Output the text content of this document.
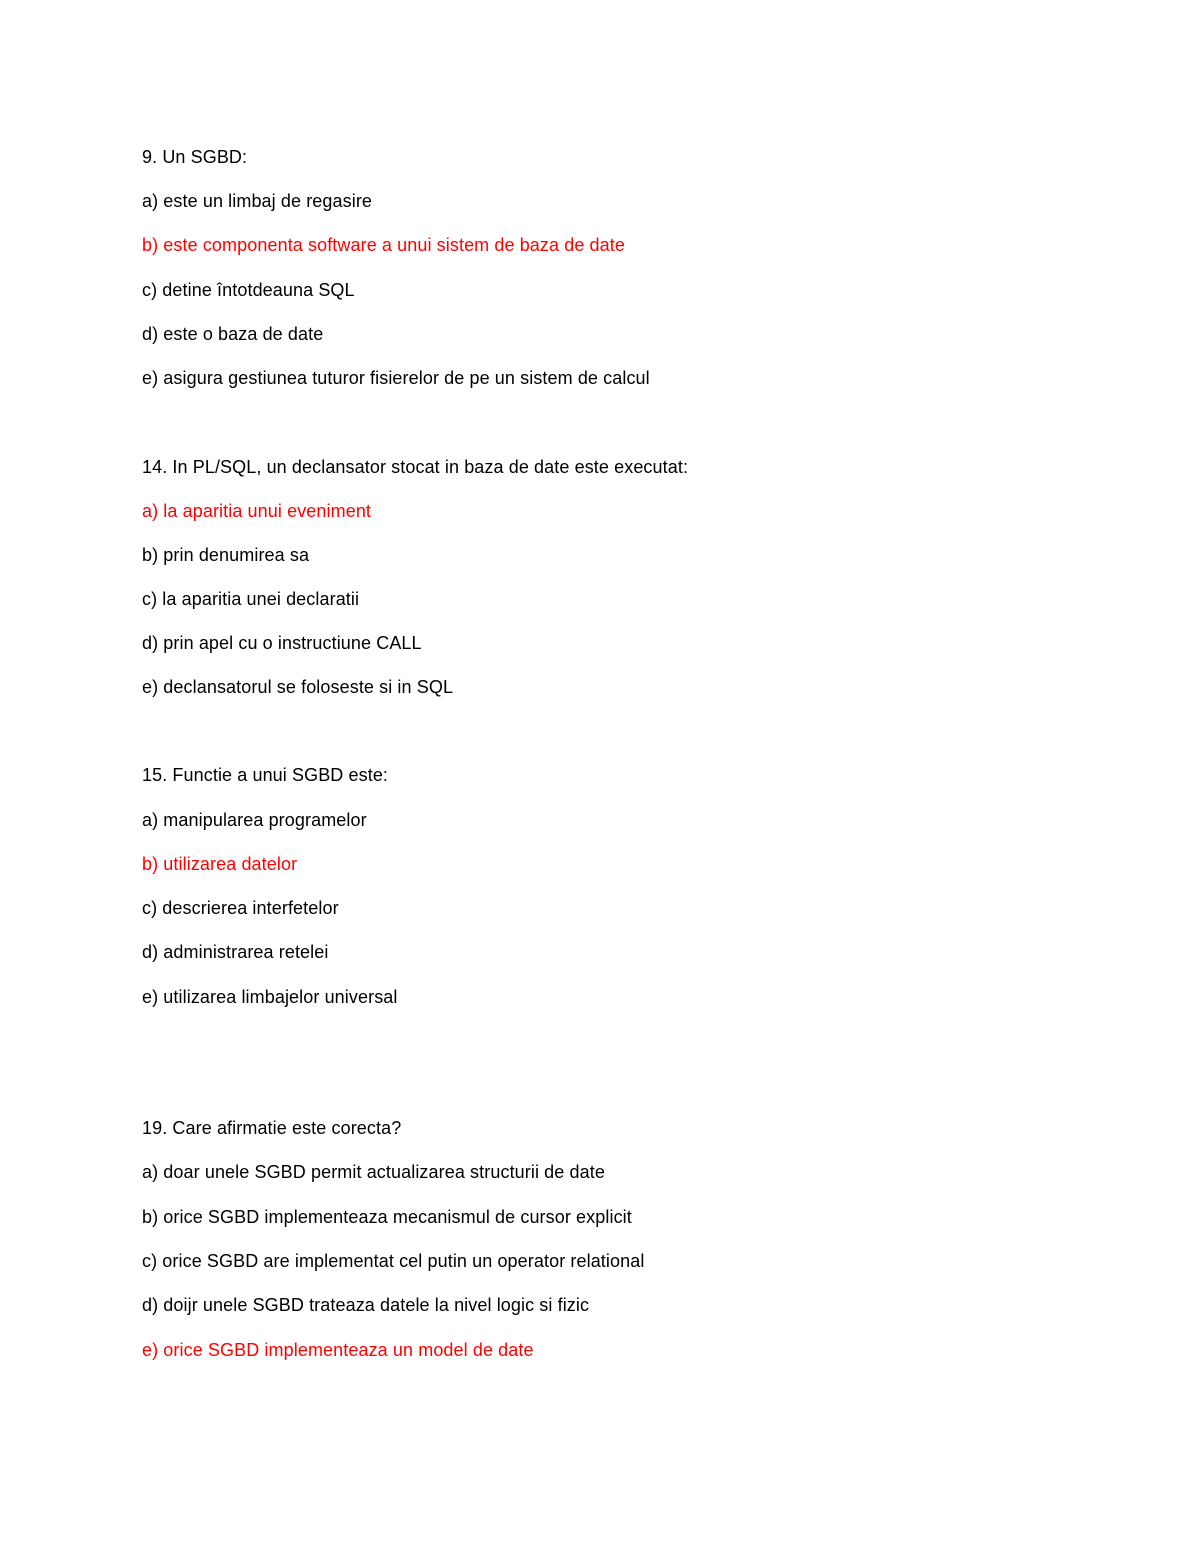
9. Un SGBD:
a) este un limbaj de regasire
b) este componenta software a unui sistem de baza de date
c) detine întotdeauna SQL
d) este o baza de date
e) asigura gestiunea tuturor fisierelor de pe un sistem de calcul
14. In PL/SQL, un declansator stocat in baza de date este executat:
a) la aparitia unui eveniment
b) prin denumirea sa
c) la aparitia unei declaratii
d) prin apel cu o instructiune CALL
e) declansatorul se foloseste si in SQL
15. Functie a unui SGBD este:
a) manipularea programelor
b) utilizarea datelor
c) descrierea interfetelor
d) administrarea retelei
e) utilizarea limbajelor universal
19. Care afirmatie este corecta?
a) doar unele SGBD permit actualizarea structurii de date
b) orice SGBD implementeaza mecanismul de cursor explicit
c) orice SGBD are implementat cel putin un operator relational
d) doijr unele SGBD trateaza datele la nivel logic si fizic
e) orice SGBD implementeaza un model de date
